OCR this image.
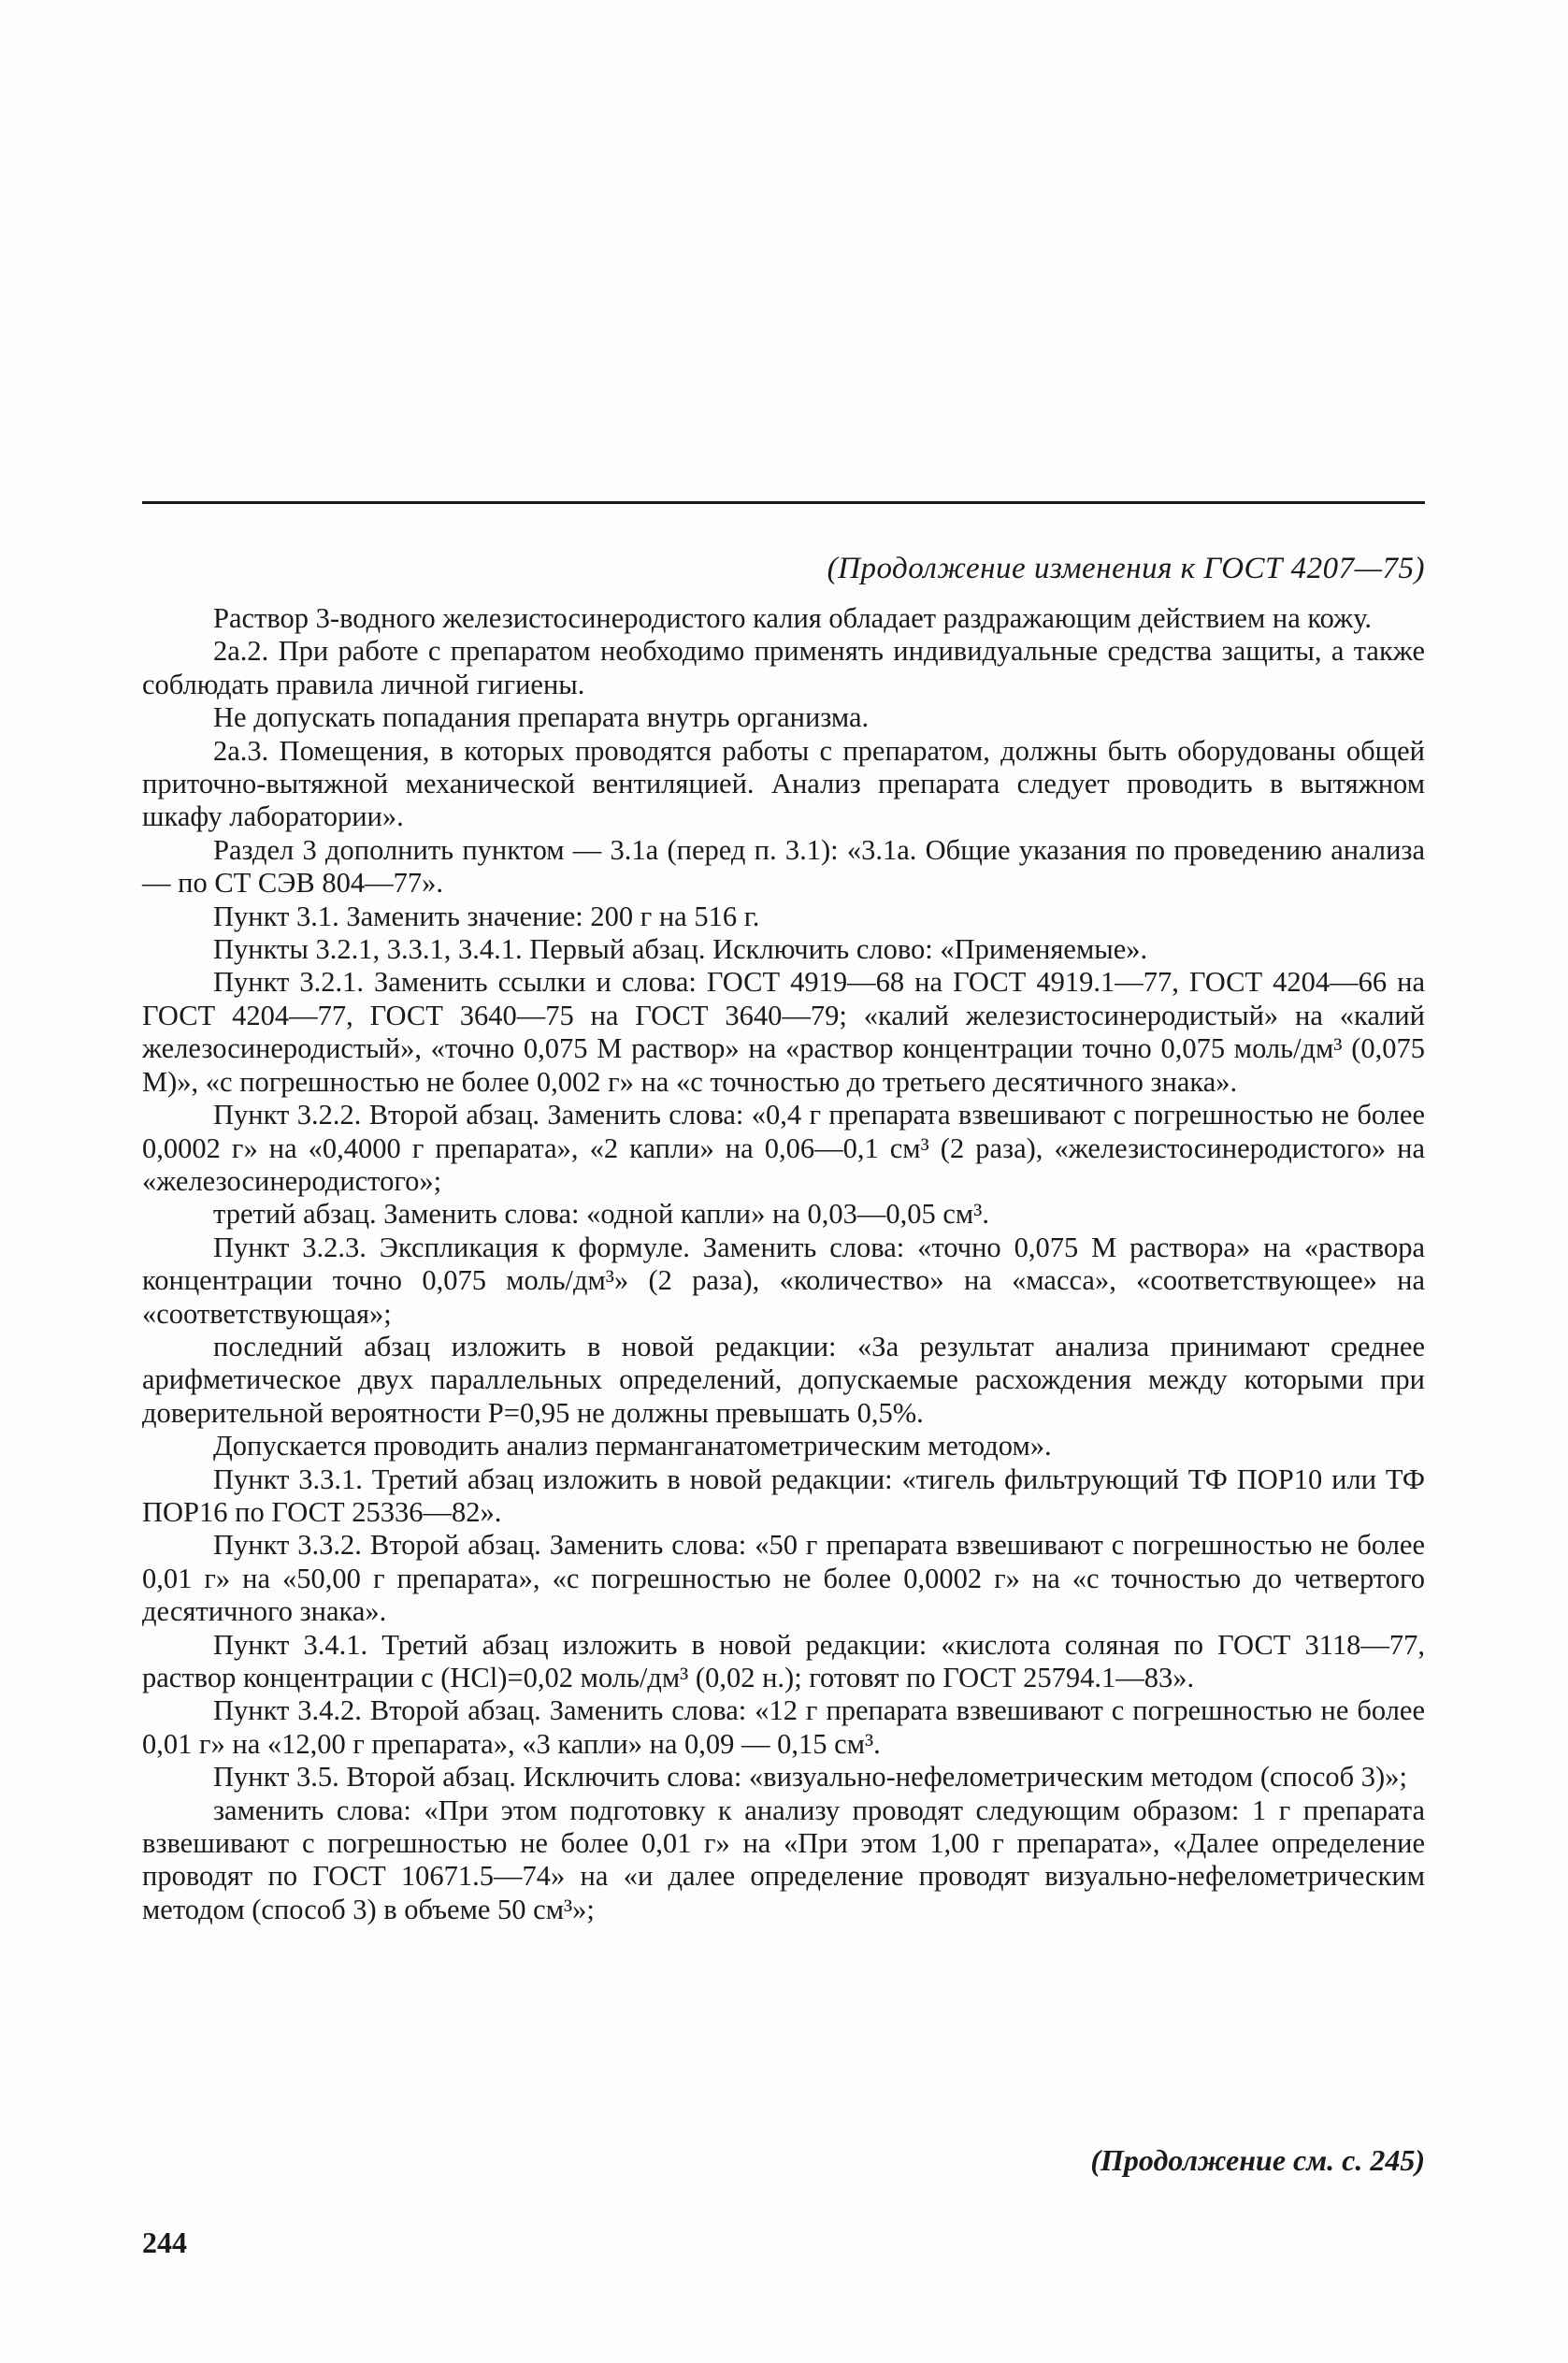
(Продолжение изменения к ГОСТ 4207—75)

Раствор 3-водного железистосинеродистого калия обладает раздражающим действием на кожу.

2а.2. При работе с препаратом необходимо применять индивидуальные средства защиты, а также соблюдать правила личной гигиены.

Не допускать попадания препарата внутрь организма.

2а.3. Помещения, в которых проводятся работы с препаратом, должны быть оборудованы общей приточно-вытяжной механической вентиляцией. Анализ препарата следует проводить в вытяжном шкафу лаборатории».

Раздел 3 дополнить пунктом — 3.1а (перед п. 3.1): «3.1а. Общие указания по проведению анализа — по СТ СЭВ 804—77».

Пункт 3.1. Заменить значение: 200 г на 516 г.

Пункты 3.2.1, 3.3.1, 3.4.1. Первый абзац. Исключить слово: «Применяемые».

Пункт 3.2.1. Заменить ссылки и слова: ГОСТ 4919—68 на ГОСТ 4919.1—77, ГОСТ 4204—66 на ГОСТ 4204—77, ГОСТ 3640—75 на ГОСТ 3640—79; «калий железистосинеродистый» на «калий железосинеродистый», «точно 0,075 М раствор» на «раствор концентрации точно 0,075 моль/дм³ (0,075 М)», «с погрешностью не более 0,002 г» на «с точностью до третьего десятичного знака».

Пункт 3.2.2. Второй абзац. Заменить слова: «0,4 г препарата взвешивают с погрешностью не более 0,0002 г» на «0,4000 г препарата», «2 капли» на 0,06—0,1 см³ (2 раза), «железистосинеродистого» на «железосинеродистого»;

третий абзац. Заменить слова: «одной капли» на 0,03—0,05 см³.

Пункт 3.2.3. Экспликация к формуле. Заменить слова: «точно 0,075 М раствора» на «раствора концентрации точно 0,075 моль/дм³» (2 раза), «количество» на «масса», «соответствующее» на «соответствующая»;

последний абзац изложить в новой редакции: «За результат анализа принимают среднее арифметическое двух параллельных определений, допускаемые расхождения между которыми при доверительной вероятности P=0,95 не должны превышать 0,5%.

Допускается проводить анализ перманганатометрическим методом».

Пункт 3.3.1. Третий абзац изложить в новой редакции: «тигель фильтрующий ТФ ПОР10 или ТФ ПОР16 по ГОСТ 25336—82».

Пункт 3.3.2. Второй абзац. Заменить слова: «50 г препарата взвешивают с погрешностью не более 0,01 г» на «50,00 г препарата», «с погрешностью не более 0,0002 г» на «с точностью до четвертого десятичного знака».

Пункт 3.4.1. Третий абзац изложить в новой редакции: «кислота соляная по ГОСТ 3118—77, раствор концентрации с (HCl)=0,02 моль/дм³ (0,02 н.); готовят по ГОСТ 25794.1—83».

Пункт 3.4.2. Второй абзац. Заменить слова: «12 г препарата взвешивают с погрешностью не более 0,01 г» на «12,00 г препарата», «3 капли» на 0,09 — 0,15 см³.

Пункт 3.5. Второй абзац. Исключить слова: «визуально-нефелометрическим методом (способ 3)»;

заменить слова: «При этом подготовку к анализу проводят следующим образом: 1 г препарата взвешивают с погрешностью не более 0,01 г» на «При этом 1,00 г препарата», «Далее определение проводят по ГОСТ 10671.5—74» на «и далее определение проводят визуально-нефелометрическим методом (способ 3) в объеме 50 см³»;

(Продолжение см. с. 245)
244
